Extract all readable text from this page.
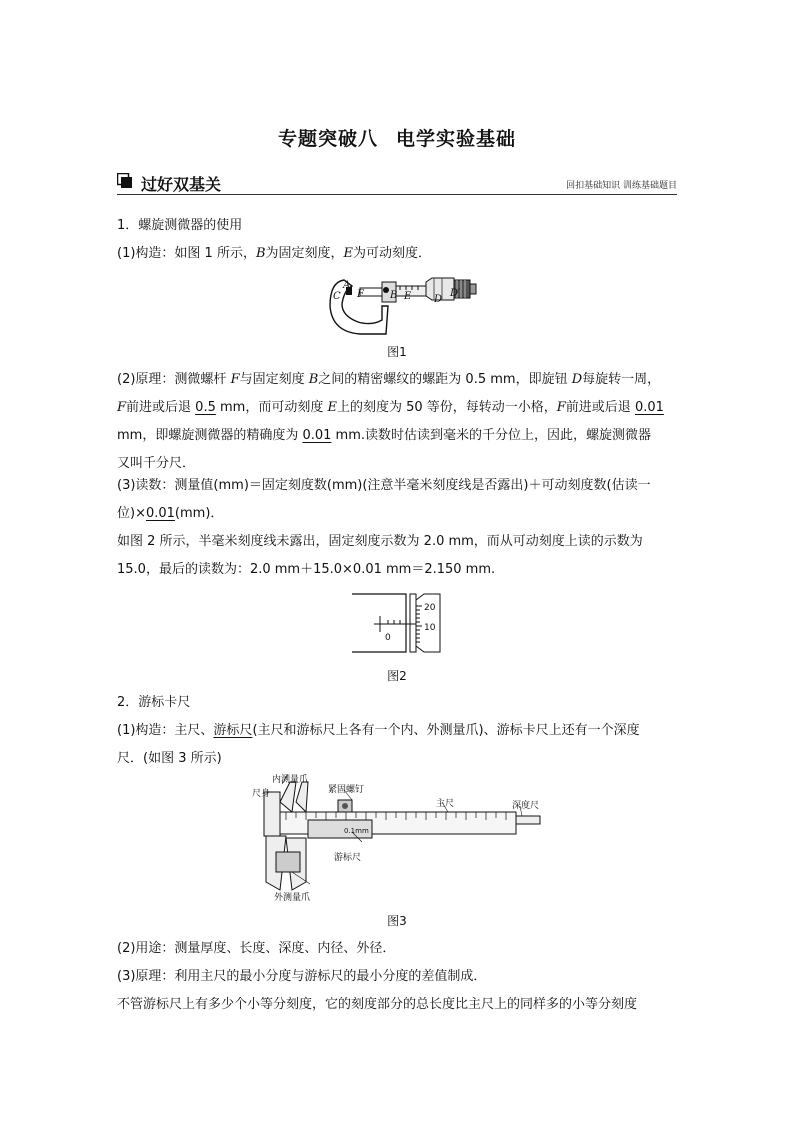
专题突破八 电学实验基础
过好双基关	回扣基础知识 训练基础题目
1．螺旋测微器的使用
(1)构造：如图 1 所示，B为固定刻度，E为可动刻度．
A
F
C	B E D
D′
图1
(2)原理：测微螺杆 F与固定刻度 B之间的精密螺纹的螺距为 0.5 mm，即旋钮 D每旋转一周，
F前进或后退 0.5 mm，而可动刻度 E上的刻度为 50 等份，每转动一小格，F前进或后退 0.01
mm，即螺旋测微器的精确度为 0.01 mm.读数时估读到毫米的千分位上，因此，螺旋测微器
又叫千分尺．
(3)读数：测量值(mm)＝固定刻度数(mm)(注意半毫米刻度线是否露出)＋可动刻度数(估读一
位)×0.01(mm)．
如图 2 所示，半毫米刻度线未露出，固定刻度示数为 2.0 mm，而从可动刻度上读的示数为
15.0，最后的读数为：2.0 mm＋15.0×0.01 mm＝2.150 mm.
20
10
0
图2
2．游标卡尺
(1)构造：主尺、游标尺(主尺和游标尺上各有一个内、外测量爪)、游标卡尺上还有一个深度
尺．(如图 3 所示)
内测量爪
紧固螺钉
尺身
主尺	深度尺
0.1mm
游标尺
外测量爪
图3
(2)用途：测量厚度、长度、深度、内径、外径．
(3)原理：利用主尺的最小分度与游标尺的最小分度的差值制成．
不管游标尺上有多少个小等分刻度，它的刻度部分的总长度比主尺上的同样多的小等分刻度
